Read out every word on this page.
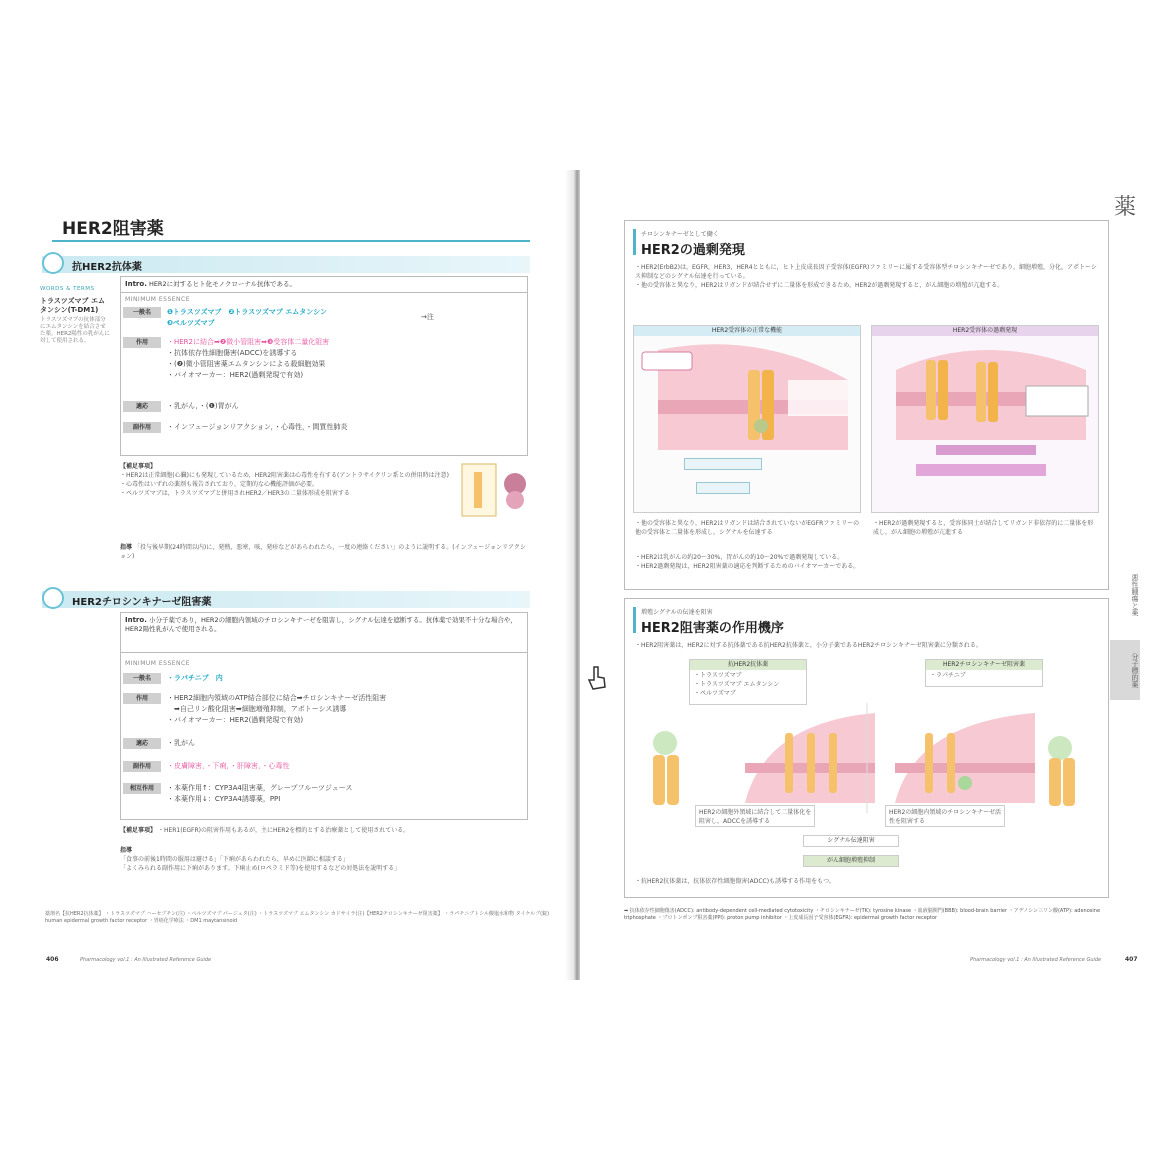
HER2阻害薬
抗HER2抗体薬
WORDS & TERMS
トラスツズマブ エムタンシン(T-DM1)
トラスツズマブの抗体部分にエムタンシンを結合させた薬。HER2陽性の乳がんに対して使用される。
Intro. HER2に対するヒト化モノクローナル抗体である。
MINIMUM ESSENCE
一般名	❶トラスツズマブ　❷トラスツズマブ エムタンシン
❸ペルツズマブ
→注
作用	・HER2に結合➡❷微小管阻害➡❸受容体二量化阻害
・抗体依存性細胞傷害(ADCC)を誘導する
・(❷)微小管阻害薬エムタンシンによる殺細胞効果
・バイオマーカー：HER2(過剰発現で有効)
適応	・乳がん，・(❶)胃がん
副作用	・インフュージョンリアクション，・心毒性，・間質性肺炎
【補足事項】
・HER2は正常細胞(心臓)にも発現しているため，HER2阻害薬は心毒性を有する(アントラサイクリン系との併用時は注意)
・心毒性はいずれの薬剤も報告されており，定期的な心機能評価が必要。
・ペルツズマブは，トラスツズマブと併用されHER2／HER3の二量体形成を阻害する
指導 「投与後早期(24時間以内)に，発熱，悪寒，咳，発疹などがあらわれたら，一度の連絡ください」のように説明する。(インフュージョンリアクション)
HER2チロシンキナーゼ阻害薬
Intro. 小分子薬であり，HER2の細胞内領域のチロシンキナーゼを阻害し，シグナル伝達を遮断する。抗体薬で効果不十分な場合や，HER2陽性乳がんで使用される。
MINIMUM ESSENCE
一般名	・ラパチニブ　内
作用	・HER2細胞内領域のATP結合部位に結合➡チロシンキナーゼ活性阻害
　➡自己リン酸化阻害➡細胞増殖抑制，アポトーシス誘導
・バイオマーカー：HER2(過剰発現で有効)
適応	・乳がん
副作用	・皮膚障害，・下痢，・肝障害，・心毒性
相互作用	・本薬作用↑：CYP3A4阻害薬，グレープフルーツジュース
・本薬作用↓：CYP3A4誘導薬，PPI
【補足事項】 ・HER1(EGFR)の阻害作用もあるが，主にHER2を標的とする治療薬として使用されている。
指導
「食事の前後1時間の服用は避ける」「下痢があらわれたら，早めに医師に相談する」
「よくみられる副作用に下痢があります。下痢止め(ロペラミド等)を使用するなどの対処法を説明する」
薬剤名【抗HER2抗体薬】 ・トラスツズマブ ハーセプチン(注) ・ペルツズマブ パージェタ(注) ・トラスツズマブ エムタンシン カドサイラ(注)【HER2チロシンキナーゼ阻害薬】 ・ラパチニブトシル酸塩水和物 タイケルブ(錠) human epidermal growth factor receptor ・胃癌化学療法 ・DM1 maytansinoid
406	Pharmacology vol.1 : An Illustrated Reference Guide
チロシンキナーゼとして働く
HER2の過剰発現
・HER2(ErbB2)は，EGFR，HER3，HER4とともに，ヒト上皮成長因子受容体(EGFR)ファミリーに属する受容体型チロシンキナーゼであり，細胞増殖，分化，アポトーシス抑制などのシグナル伝達を行っている。
・他の受容体と異なり，HER2はリガンドが結合せずに二量体を形成できるため，HER2が過剰発現すると，がん細胞の増殖が亢進する。
HER2受容体の正常な機能	HER2受容体の過剰発現
・他の受容体と異なり，HER2はリガンドは結合されていないがEGFRファミリーの他の受容体と二量体を形成し，シグナルを伝達する
・HER2が過剰発現すると，受容体同士が結合してリガンド非依存的に二量体を形成し，がん細胞の増殖が亢進する
・HER2は乳がんの約20～30%，胃がんの約10～20%で過剰発現している。
・HER2過剰発現は，HER2阻害薬の適応を判断するためのバイオマーカーである。
増殖シグナルの伝達を阻害
HER2阻害薬の作用機序
・HER2阻害薬は，HER2に対する抗体薬である抗HER2抗体薬と，小分子薬であるHER2チロシンキナーゼ阻害薬に分類される。
抗HER2抗体薬
・トラスツズマブ
・トラスツズマブ エムタンシン
・ペルツズマブ
HER2チロシンキナーゼ阻害薬
・ラパチニブ
HER2の細胞外領域に結合して二量体化を阻害し，ADCCを誘導する
HER2の細胞内領域のチロシンキナーゼ活性を阻害する
シグナル伝達阻害
がん細胞増殖抑制
・抗HER2抗体薬は，抗体依存性細胞傷害(ADCC)も誘導する作用をもつ。
➡ 抗体依存性細胞傷害(ADCC): antibody-dependent cell-mediated cytotoxicity ・チロシンキナーゼ(TK): tyrosine kinase ・血液脳関門(BBB): blood-brain barrier ・アデノシン三リン酸(ATP): adenosine triphosphate ・プロトンポンプ阻害薬(PPI): proton pump inhibitor ・上皮成長因子受容体(EGFR): epidermal growth factor receptor
Pharmacology vol.1 : An Illustrated Reference Guide	407
薬
悪性腫瘍と薬
分子標的薬
